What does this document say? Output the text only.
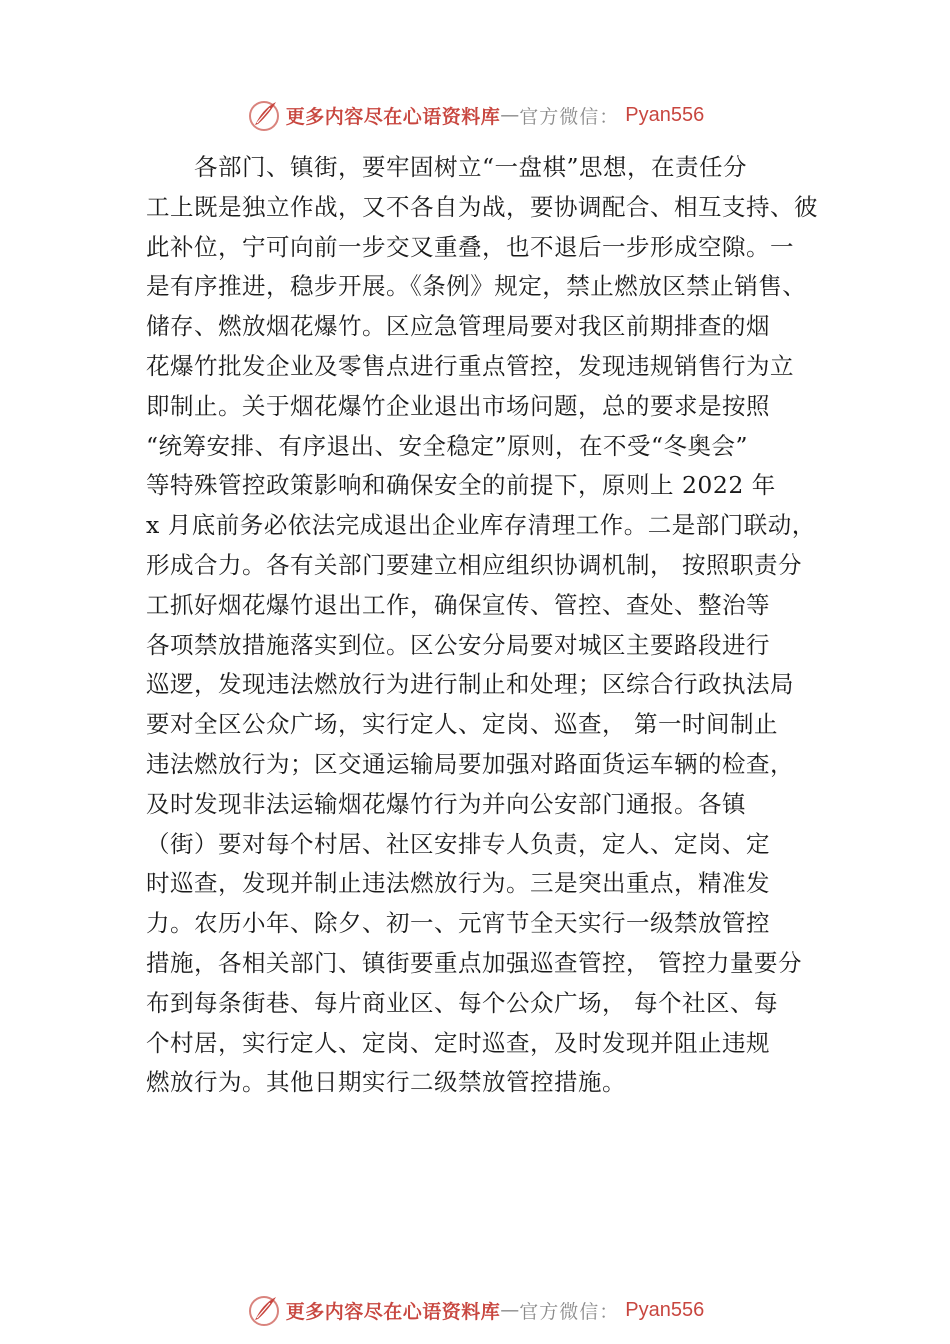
更多内容尽在心语资料库 — 官方微信： Pyan556
各部门、镇街，要牢固树立“一盘棋”思想，在责任分
工上既是独立作战，又不各自为战，要协调配合、相互支持、彼
此补位，宁可向前一步交叉重叠，也不退后一步形成空隙。一
是有序推进，稳步开展。《条例》规定，禁止燃放区禁止销售、
储存、燃放烟花爆竹。区应急管理局要对我区前期排查的烟
花爆竹批发企业及零售点进行重点管控，发现违规销售行为立
即制止。关于烟花爆竹企业退出市场问题，总的要求是按照
“统筹安排、有序退出、安全稳定”原则，在不受“冬奥会”
等特殊管控政策影响和确保安全的前提下，原则上 2022 年
x 月底前务必依法完成退出企业库存清理工作。二是部门联动，
形成合力。各有关部门要建立相应组织协调机制， 按照职责分
工抓好烟花爆竹退出工作，确保宣传、管控、查处、整治等
各项禁放措施落实到位。区公安分局要对城区主要路段进行
巡逻，发现违法燃放行为进行制止和处理；区综合行政执法局
要对全区公众广场，实行定人、定岗、巡查， 第一时间制止
违法燃放行为；区交通运输局要加强对路面货运车辆的检查，
及时发现非法运输烟花爆竹行为并向公安部门通报。各镇
（街）要对每个村居、社区安排专人负责，定人、定岗、定
时巡查，发现并制止违法燃放行为。三是突出重点，精准发
力。农历小年、除夕、初一、元宵节全天实行一级禁放管控
措施，各相关部门、镇街要重点加强巡查管控， 管控力量要分
布到每条街巷、每片商业区、每个公众广场， 每个社区、每
个村居，实行定人、定岗、定时巡查，及时发现并阻止违规
燃放行为。其他日期实行二级禁放管控措施。
更多内容尽在心语资料库 — 官方微信： Pyan556
